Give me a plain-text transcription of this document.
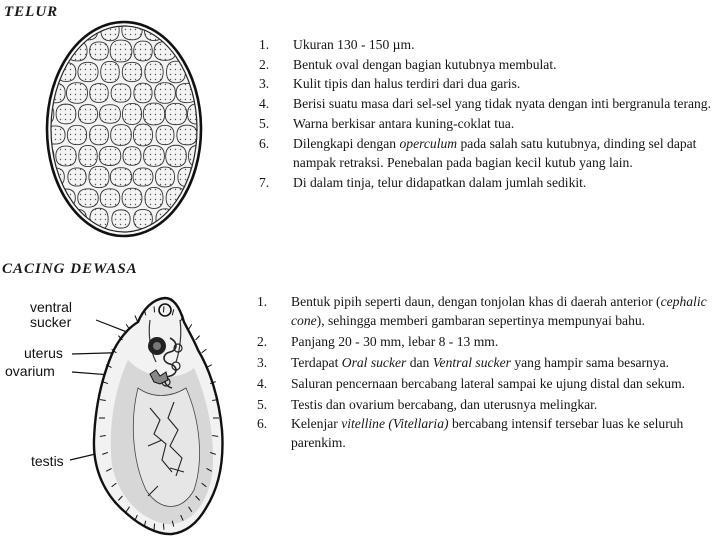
TELUR
1. Ukuran 130 - 150 µm.
2. Bentuk oval dengan bagian kutubnya membulat.
3. Kulit tipis dan halus terdiri dari dua garis.
4. Berisi suatu masa dari sel-sel yang tidak nyata dengan inti bergranula terang.
5. Warna berkisar antara kuning-coklat tua.
6. Dilengkapi dengan operculum pada salah satu kutubnya, dinding sel dapat nampak retraksi. Penebalan pada bagian kecil kutub yang lain.
7. Di dalam tinja, telur didapatkan dalam jumlah sedikit.
CACING DEWASA
ventral sucker
uterus
ovarium
testis
1. Bentuk pipih seperti daun, dengan tonjolan khas di daerah anterior (cephalic cone), sehingga memberi gambaran sepertinya mempunyai bahu.
2. Panjang 20 - 30 mm, lebar 8 - 13 mm.
3. Terdapat Oral sucker dan Ventral sucker yang hampir sama besarnya.
4. Saluran pencernaan bercabang lateral sampai ke ujung distal dan sekum.
5. Testis dan ovarium bercabang, dan uterusnya melingkar.
6. Kelenjar vitelline (Vitellaria) bercabang intensif tersebar luas ke seluruh parenkim.
